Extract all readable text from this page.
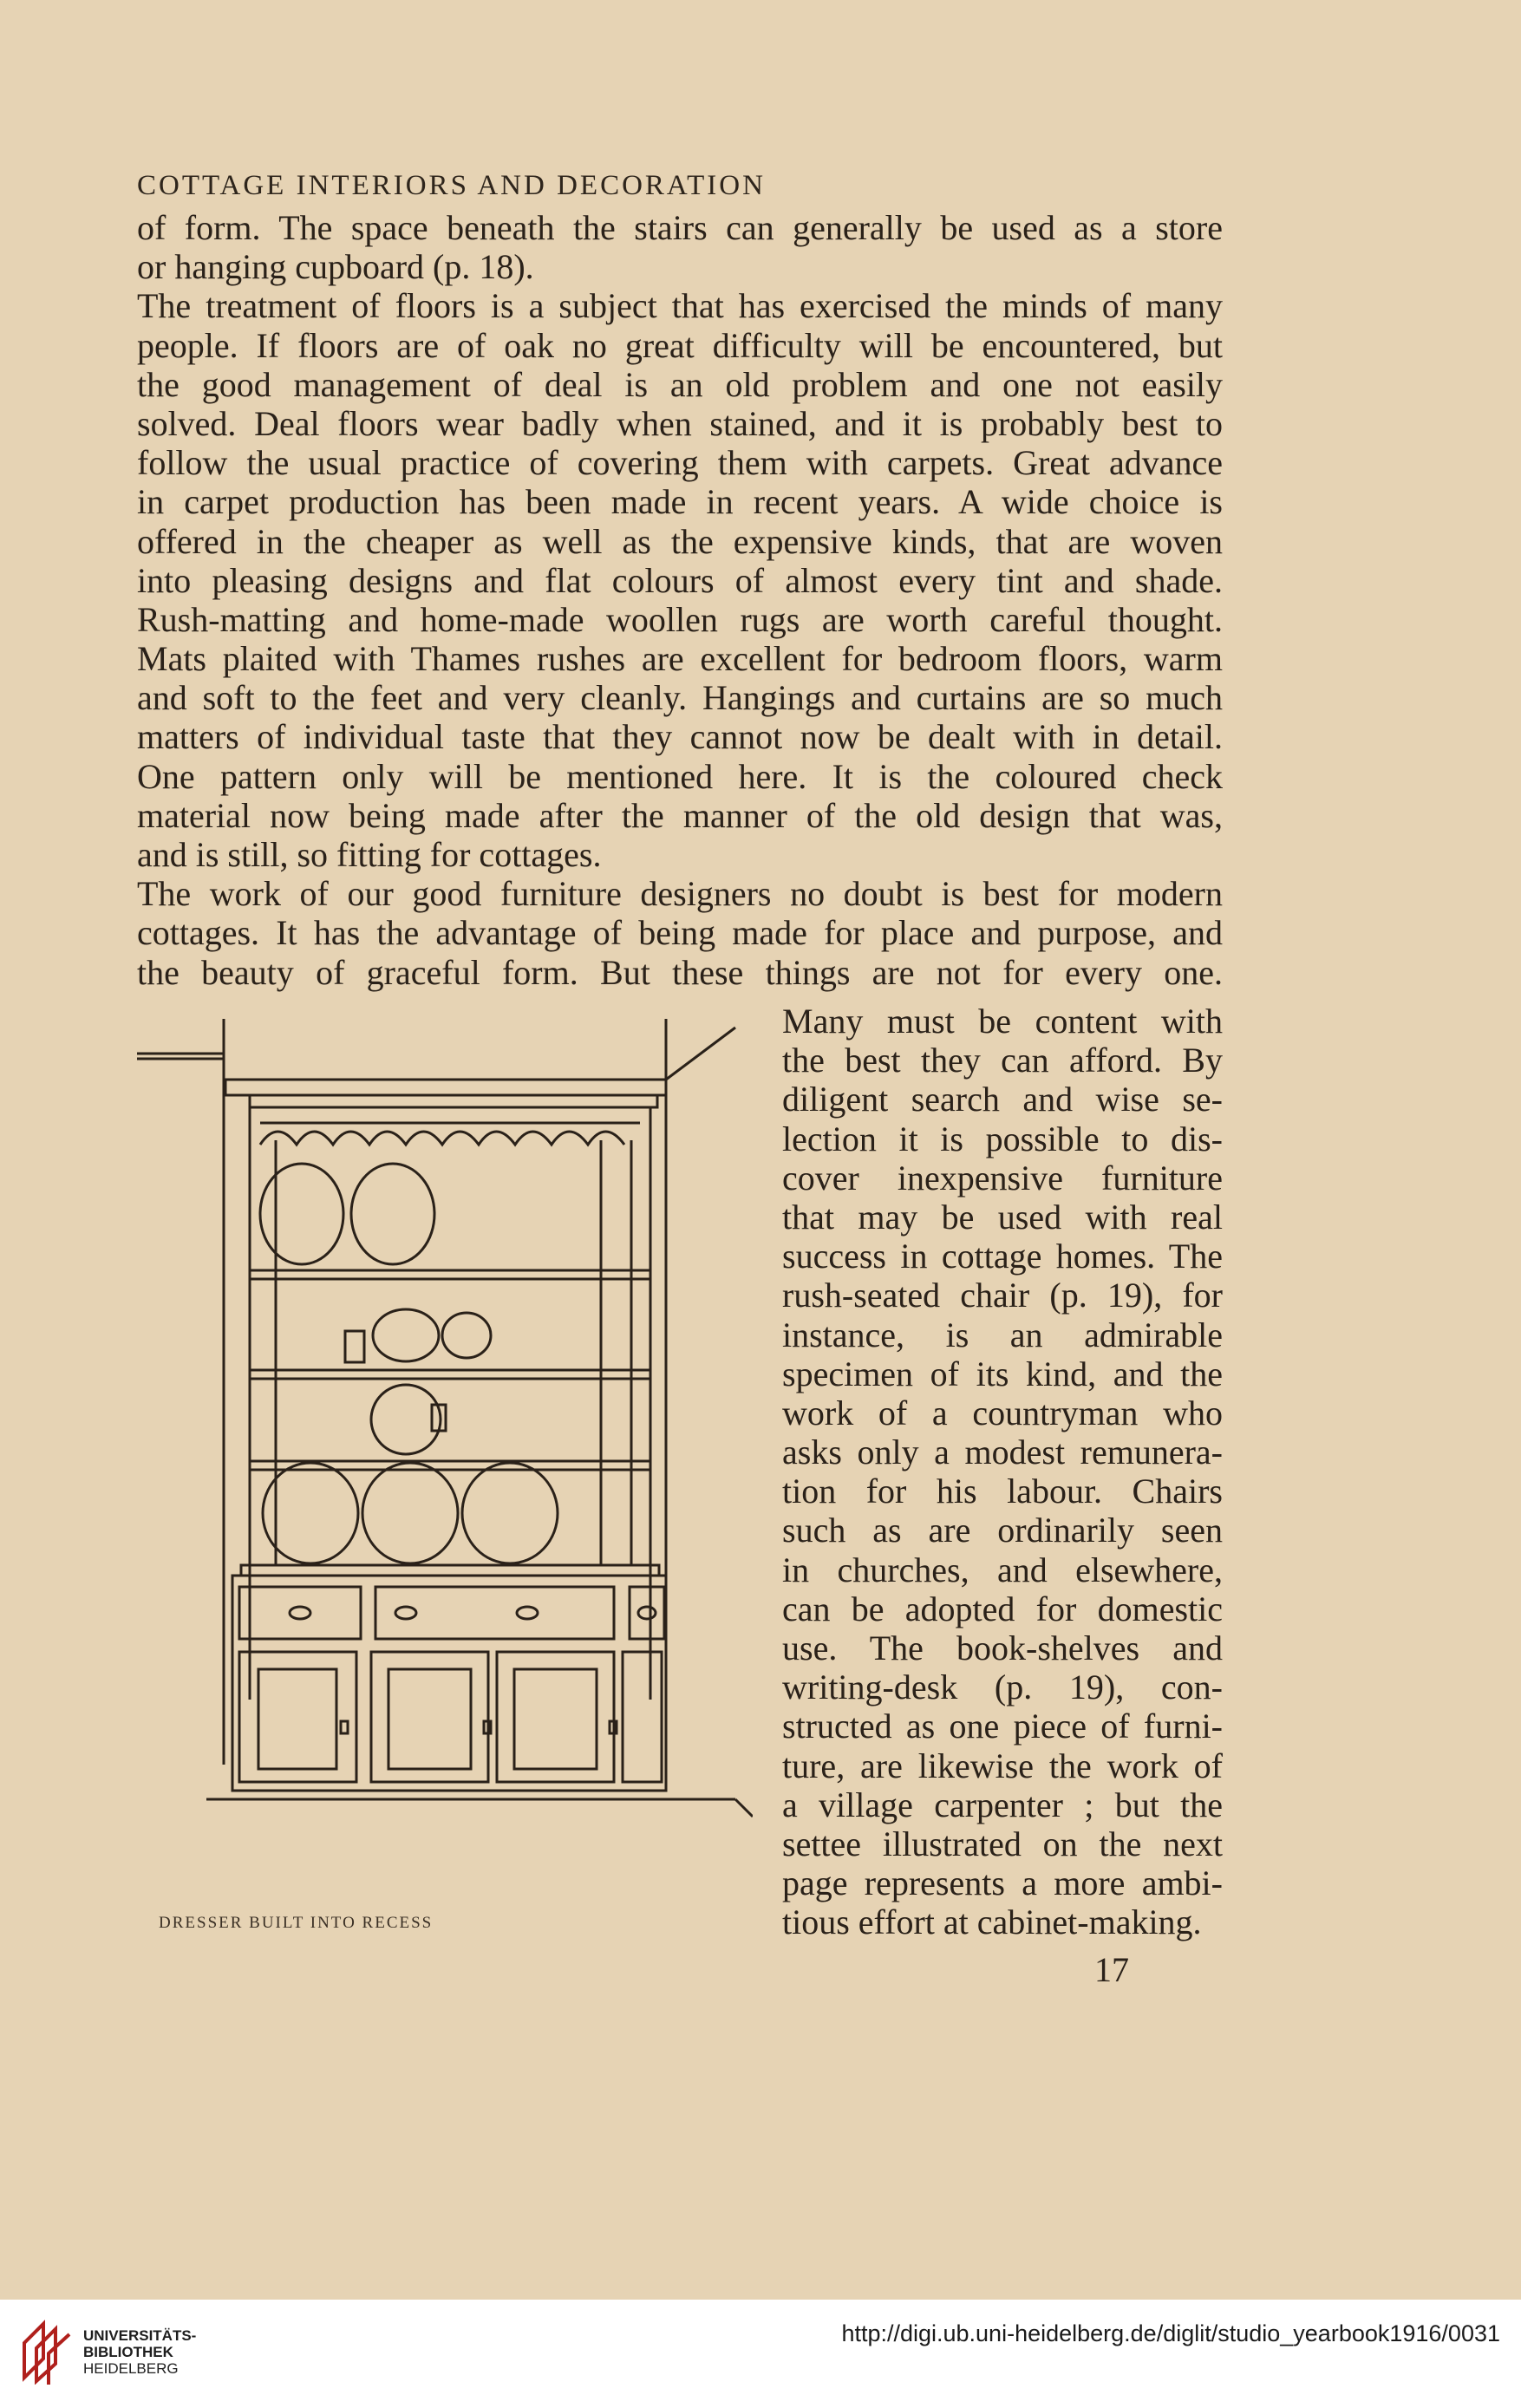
COTTAGE INTERIORS AND DECORATION
of form. The space beneath the stairs can generally be used as a store
or hanging cupboard (p. 18).
The treatment of floors is a subject that has exercised the minds of many
people. If floors are of oak no great difficulty will be encountered, but
the good management of deal is an old problem and one not easily
solved. Deal floors wear badly when stained, and it is probably best to
follow the usual practice of covering them with carpets. Great advance
in carpet production has been made in recent years. A wide choice is
offered in the cheaper as well as the expensive kinds, that are woven
into pleasing designs and flat colours of almost every tint and shade.
Rush-matting and home-made woollen rugs are worth careful thought.
Mats plaited with Thames rushes are excellent for bedroom floors, warm
and soft to the feet and very cleanly. Hangings and curtains are so much
matters of individual taste that they cannot now be dealt with in detail.
One pattern only will be mentioned here. It is the coloured check
material now being made after the manner of the old design that was,
and is still, so fitting for cottages.
The work of our good furniture designers no doubt is best for modern
cottages. It has the advantage of being made for place and purpose, and
the beauty of graceful form. But these things are not for every one.
Many must be content with
the best they can afford. By
diligent search and wise se-
lection it is possible to dis-
cover inexpensive furniture
that may be used with real
success in cottage homes. The
rush-seated chair (p. 19), for
instance, is an admirable
specimen of its kind, and the
work of a countryman who
asks only a modest remunera-
tion for his labour. Chairs
such as are ordinarily seen
in churches, and elsewhere,
can be adopted for domestic
use. The book-shelves and
writing-desk (p. 19), con-
structed as one piece of furni-
ture, are likewise the work of
a village carpenter ; but the
settee illustrated on the next
page represents a more ambi-
tious effort at cabinet-making.
DRESSER BUILT INTO RECESS
17
UNIVERSITÄTS-
BIBLIOTHEK
HEIDELBERG
http://digi.ub.uni-heidelberg.de/diglit/studio_yearbook1916/0031
